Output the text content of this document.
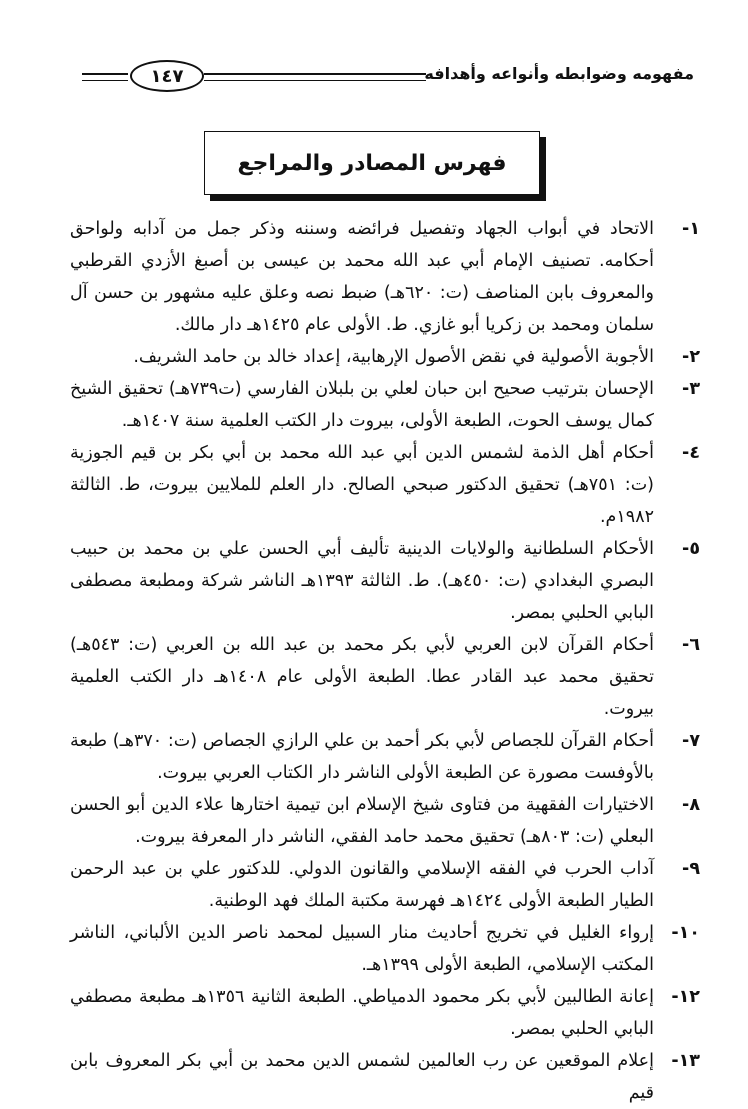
مفهومه وضوابطه وأنواعه وأهدافه
١٤٧
فهرس المصادر والمراجع
١-
الاتحاد في أبواب الجهاد وتفصيل فرائضه وسننه وذكر جمل من آدابه ولواحق أحكامه. تصنيف الإمام أبي عبد الله محمد بن عيسى بن أصبغ الأزدي القرطبي والمعروف بابن المناصف (ت: ٦٢٠هـ) ضبط نصه وعلق عليه مشهور بن حسن آل سلمان ومحمد بن زكريا أبو غازي. ط. الأولى عام ١٤٢٥هـ دار مالك.
٢-
الأجوبة الأصولية في نقض الأصول الإرهابية، إعداد خالد بن حامد الشريف.
٣-
الإحسان بترتيب صحيح ابن حبان لعلي بن بلبلان الفارسي (ت٧٣٩هـ) تحقيق الشيخ كمال يوسف الحوت، الطبعة الأولى، بيروت دار الكتب العلمية سنة ١٤٠٧هـ.
٤-
أحكام أهل الذمة لشمس الدين أبي عبد الله محمد بن أبي بكر بن قيم الجوزية (ت: ٧٥١هـ) تحقيق الدكتور صبحي الصالح. دار العلم للملايين بيروت، ط. الثالثة ١٩٨٢م.
٥-
الأحكام السلطانية والولايات الدينية تأليف أبي الحسن علي بن محمد بن حبيب البصري البغدادي (ت: ٤٥٠هـ). ط. الثالثة ١٣٩٣هـ الناشر شركة ومطبعة مصطفى البابي الحلبي بمصر.
٦-
أحكام القرآن لابن العربي لأبي بكر محمد بن عبد الله بن العربي (ت: ٥٤٣هـ) تحقيق محمد عبد القادر عطا. الطبعة الأولى عام ١٤٠٨هـ دار الكتب العلمية بيروت.
٧-
أحكام القرآن للجصاص لأبي بكر أحمد بن علي الرازي الجصاص (ت: ٣٧٠هـ) طبعة بالأوفست مصورة عن الطبعة الأولى الناشر دار الكتاب العربي بيروت.
٨-
الاختيارات الفقهية من فتاوى شيخ الإسلام ابن تيمية اختارها علاء الدين أبو الحسن البعلي (ت: ٨٠٣هـ) تحقيق محمد حامد الفقي، الناشر دار المعرفة بيروت.
٩-
آداب الحرب في الفقه الإسلامي والقانون الدولي. للدكتور علي بن عبد الرحمن الطيار الطبعة الأولى ١٤٢٤هـ فهرسة مكتبة الملك فهد الوطنية.
١٠-
إرواء الغليل في تخريج أحاديث منار السبيل لمحمد ناصر الدين الألباني، الناشر المكتب الإسلامي، الطبعة الأولى ١٣٩٩هـ.
١٢-
إعانة الطالبين لأبي بكر محمود الدمياطي. الطبعة الثانية ١٣٥٦هـ مطبعة مصطفي البابي الحلبي بمصر.
١٣-
إعلام الموقعين عن رب العالمين لشمس الدين محمد بن أبي بكر المعروف بابن قيم
